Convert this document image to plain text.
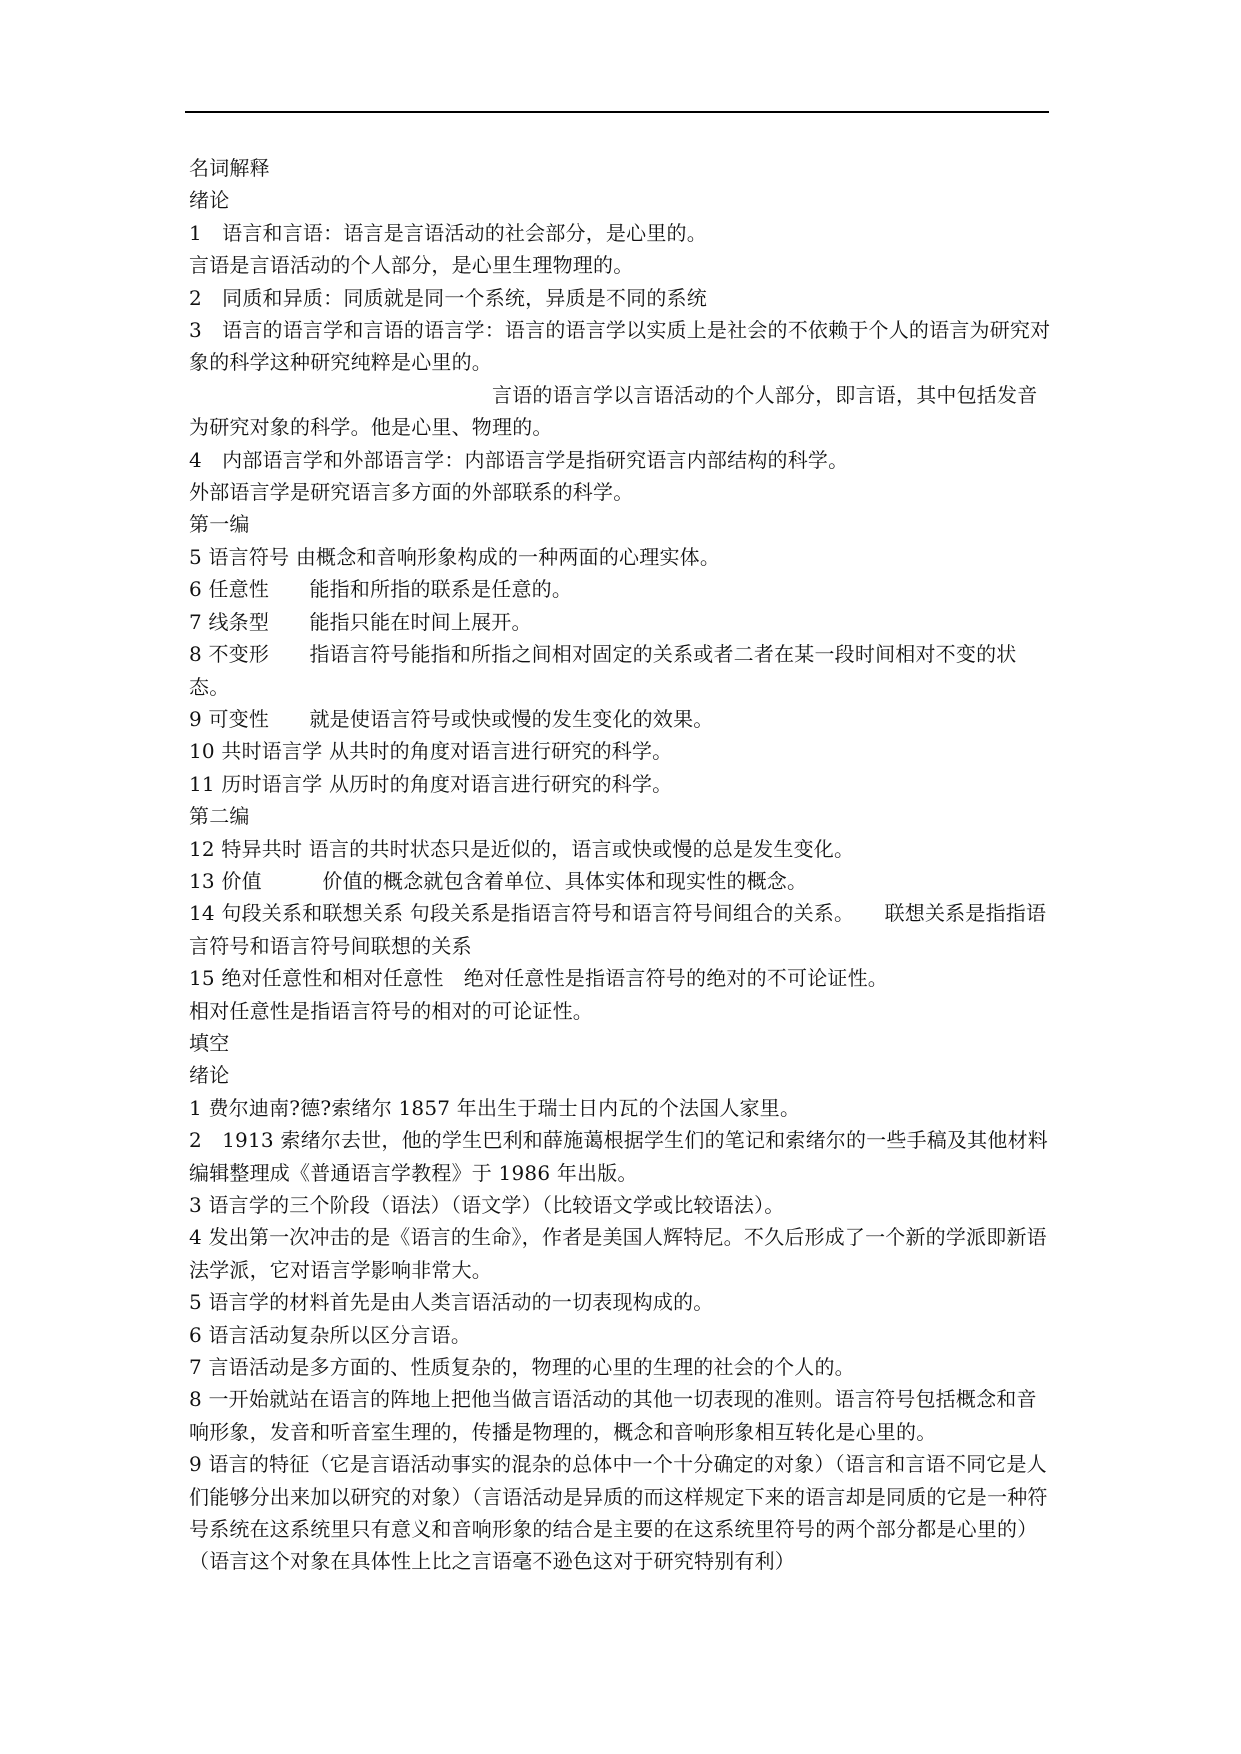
名词解释

绪论

1　语言和言语：语言是言语活动的社会部分，是心里的。

言语是言语活动的个人部分，是心里生理物理的。

2　同质和异质：同质就是同一个系统，异质是不同的系统

3　语言的语言学和言语的语言学：语言的语言学以实质上是社会的不依赖于个人的语言为研究对象的科学这种研究纯粹是心里的。

　　　　　　　　　　　　　　　言语的语言学以言语活动的个人部分，即言语，其中包括发音为研究对象的科学。他是心里、物理的。

4　内部语言学和外部语言学：内部语言学是指研究语言内部结构的科学。

外部语言学是研究语言多方面的外部联系的科学。

第一编

5 语言符号 由概念和音响形象构成的一种两面的心理实体。

6 任意性　　能指和所指的联系是任意的。

7 线条型　　能指只能在时间上展开。

8 不变形　　指语言符号能指和所指之间相对固定的关系或者二者在某一段时间相对不变的状态。

9 可变性　　就是使语言符号或快或慢的发生变化的效果。

10 共时语言学 从共时的角度对语言进行研究的科学。

11 历时语言学 从历时的角度对语言进行研究的科学。

第二编

12 特异共时 语言的共时状态只是近似的，语言或快或慢的总是发生变化。

13 价值　　　价值的概念就包含着单位、具体实体和现实性的概念。

14 句段关系和联想关系 句段关系是指语言符号和语言符号间组合的关系。　　联想关系是指指语言符号和语言符号间联想的关系

15 绝对任意性和相对任意性　绝对任意性是指语言符号的绝对的不可论证性。

相对任意性是指语言符号的相对的可论证性。

填空

绪论

1 费尔迪南?德?索绪尔 1857 年出生于瑞士日内瓦的个法国人家里。

2　1913 索绪尔去世，他的学生巴利和薛施蔼根据学生们的笔记和索绪尔的一些手稿及其他材料编辑整理成《普通语言学教程》于 1986 年出版。

3 语言学的三个阶段（语法）（语文学）（比较语文学或比较语法）。

4 发出第一次冲击的是《语言的生命》，作者是美国人辉特尼。不久后形成了一个新的学派即新语法学派，它对语言学影响非常大。

5 语言学的材料首先是由人类言语活动的一切表现构成的。

6 语言活动复杂所以区分言语。

7 言语活动是多方面的、性质复杂的，物理的心里的生理的社会的个人的。

8 一开始就站在语言的阵地上把他当做言语活动的其他一切表现的准则。语言符号包括概念和音响形象，发音和听音室生理的，传播是物理的，概念和音响形象相互转化是心里的。

9 语言的特征（它是言语活动事实的混杂的总体中一个十分确定的对象）（语言和言语不同它是人们能够分出来加以研究的对象）（言语活动是异质的而这样规定下来的语言却是同质的它是一种符号系统在这系统里只有意义和音响形象的结合是主要的在这系统里符号的两个部分都是心里的）（语言这个对象在具体性上比之言语毫不逊色这对于研究特别有利）
